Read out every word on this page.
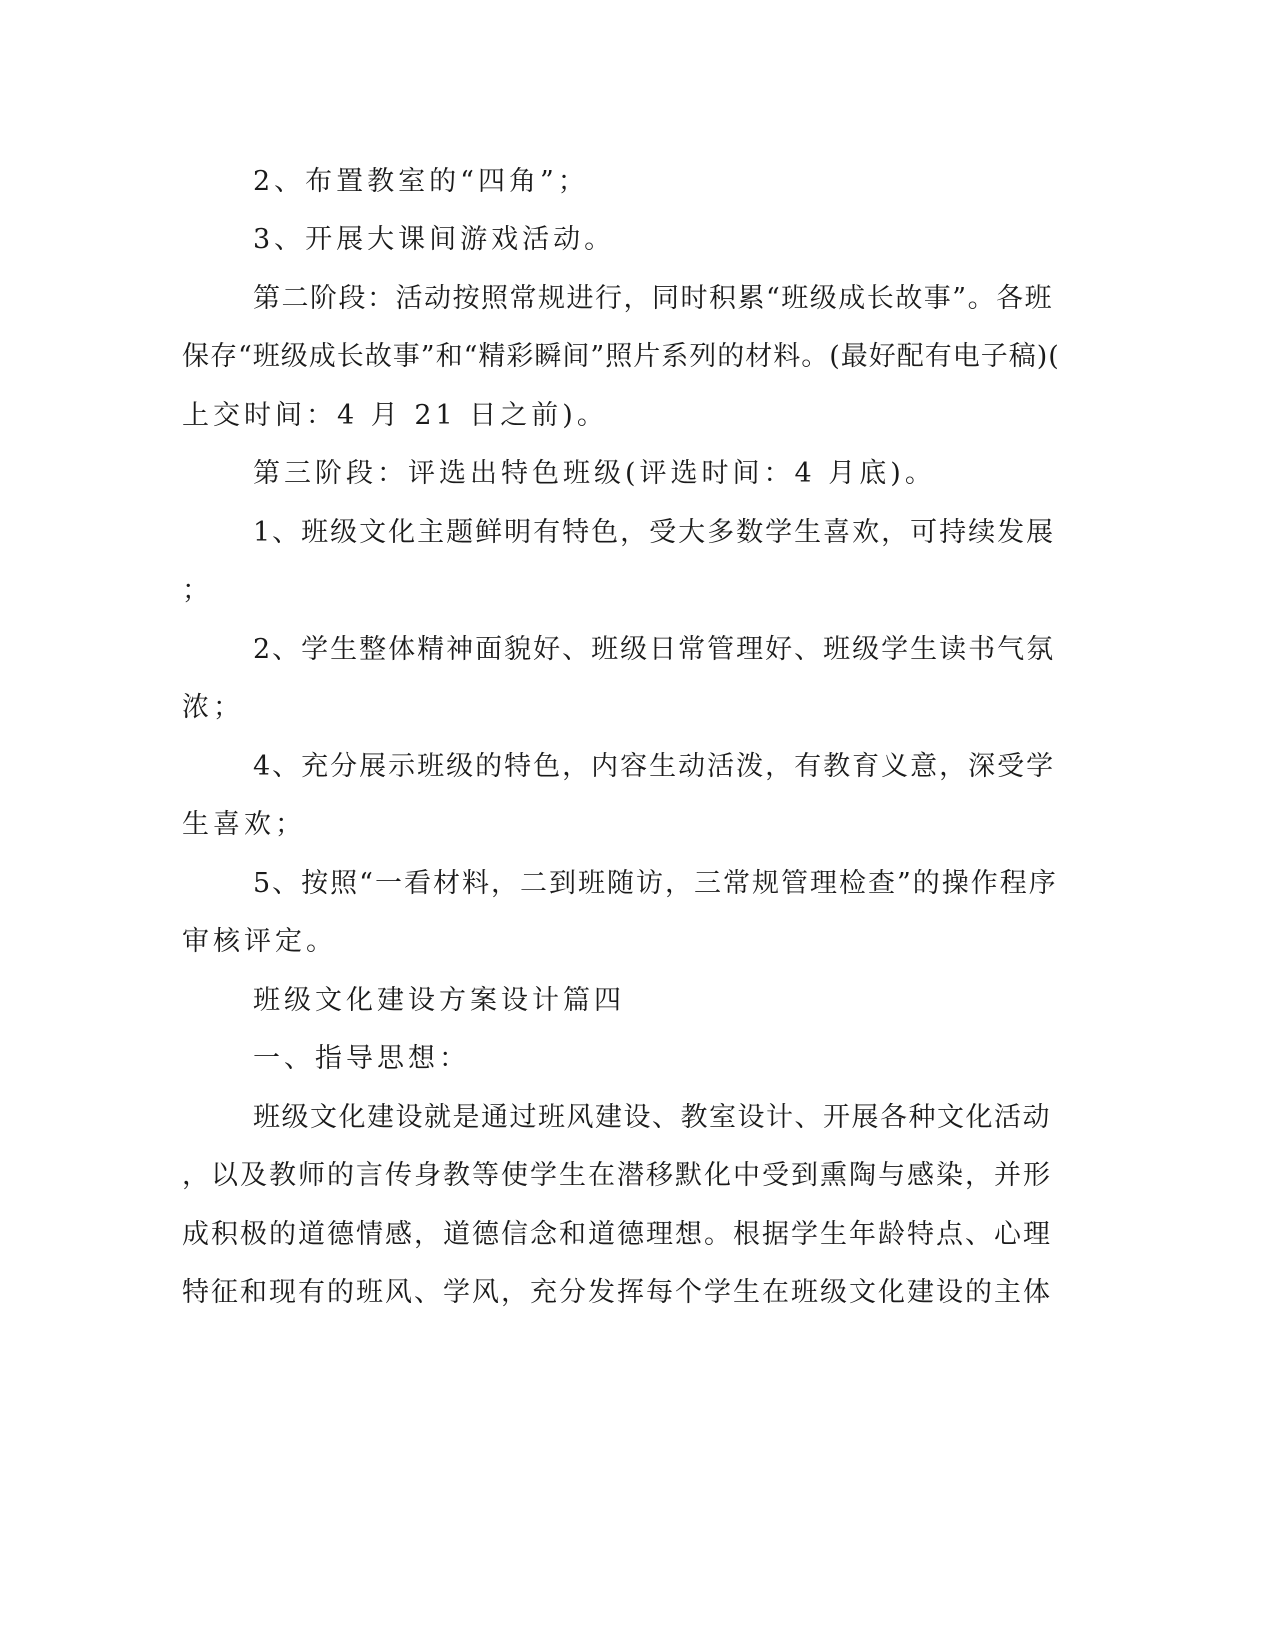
2、布置教室的“四角”；
3、开展大课间游戏活动。
第二阶段：活动按照常规进行，同时积累“班级成长故事”。各班
保存“班级成长故事”和“精彩瞬间”照片系列的材料。(最好配有电子稿)(
上交时间：4 月 21 日之前)。
第三阶段：评选出特色班级(评选时间：4 月底)。
1、班级文化主题鲜明有特色，受大多数学生喜欢，可持续发展
；
2、学生整体精神面貌好、班级日常管理好、班级学生读书气氛
浓；
4、充分展示班级的特色，内容生动活泼，有教育义意，深受学
生喜欢；
5、按照“一看材料，二到班随访，三常规管理检查”的操作程序
审核评定。
班级文化建设方案设计篇四
一、指导思想：
班级文化建设就是通过班风建设、教室设计、开展各种文化活动
，以及教师的言传身教等使学生在潜移默化中受到熏陶与感染，并形
成积极的道德情感，道德信念和道德理想。根据学生年龄特点、心理
特征和现有的班风、学风，充分发挥每个学生在班级文化建设的主体
